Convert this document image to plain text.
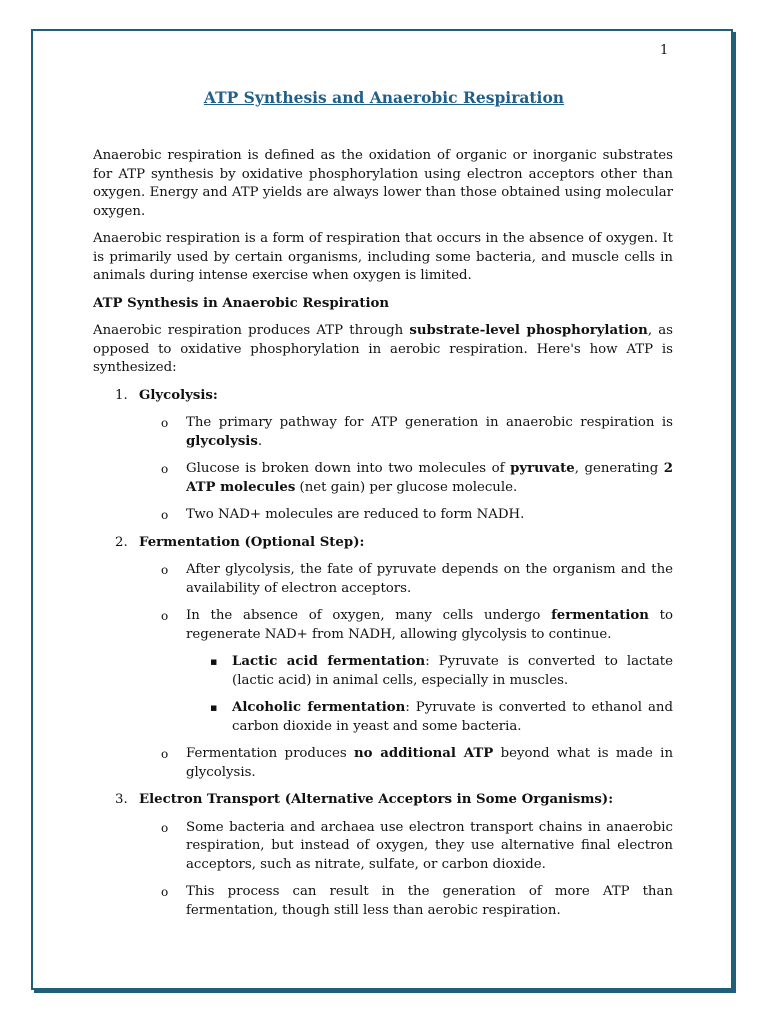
1
ATP Synthesis and Anaerobic Respiration

Anaerobic respiration is defined as the oxidation of organic or inorganic substrates for ATP synthesis by oxidative phosphorylation using electron acceptors other than oxygen. Energy and ATP yields are always lower than those obtained using molecular oxygen.

Anaerobic respiration is a form of respiration that occurs in the absence of oxygen. It is primarily used by certain organisms, including some bacteria, and muscle cells in animals during intense exercise when oxygen is limited.

ATP Synthesis in Anaerobic Respiration

Anaerobic respiration produces ATP through substrate-level phosphorylation, as opposed to oxidative phosphorylation in aerobic respiration. Here's how ATP is synthesized:

1. Glycolysis:
o The primary pathway for ATP generation in anaerobic respiration is glycolysis.
o Glucose is broken down into two molecules of pyruvate, generating 2 ATP molecules (net gain) per glucose molecule.
o Two NAD+ molecules are reduced to form NADH.
2. Fermentation (Optional Step):
o After glycolysis, the fate of pyruvate depends on the organism and the availability of electron acceptors.
o In the absence of oxygen, many cells undergo fermentation to regenerate NAD+ from NADH, allowing glycolysis to continue.
▪ Lactic acid fermentation: Pyruvate is converted to lactate (lactic acid) in animal cells, especially in muscles.
▪ Alcoholic fermentation: Pyruvate is converted to ethanol and carbon dioxide in yeast and some bacteria.
o Fermentation produces no additional ATP beyond what is made in glycolysis.
3. Electron Transport (Alternative Acceptors in Some Organisms):
o Some bacteria and archaea use electron transport chains in anaerobic respiration, but instead of oxygen, they use alternative final electron acceptors, such as nitrate, sulfate, or carbon dioxide.
o This process can result in the generation of more ATP than fermentation, though still less than aerobic respiration.
